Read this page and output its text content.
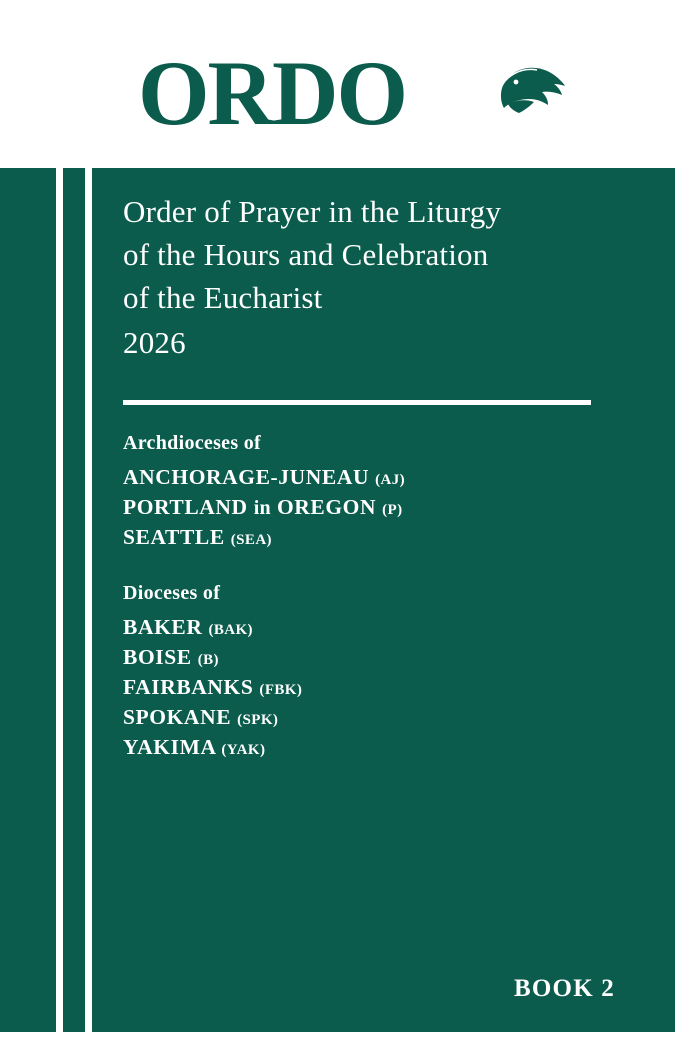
ORDO
Order of Prayer in the Liturgy
of the Hours and Celebration
of the Eucharist
2026
Archdioceses of
ANCHORAGE-JUNEAU (AJ)
PORTLAND in OREGON (P)
SEATTLE (SEA)
Dioceses of
BAKER (BAK)
BOISE (B)
FAIRBANKS (FBK)
SPOKANE (SPK)
YAKIMA (YAK)
BOOK 2
